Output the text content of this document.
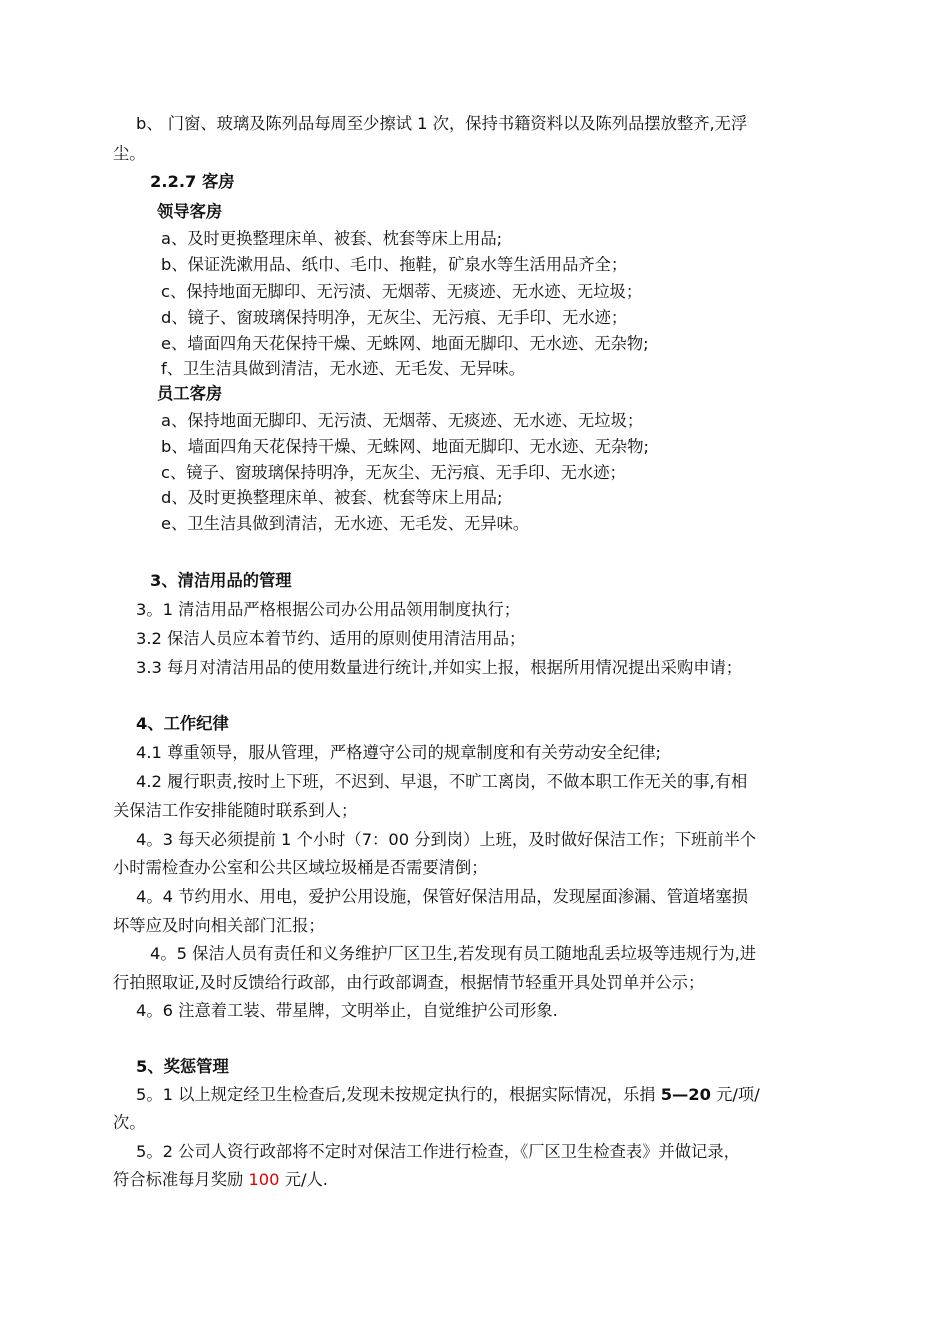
b、 门窗、玻璃及陈列品每周至少擦试 1 次，保持书籍资料以及陈列品摆放整齐,无浮
尘。
2.2.7 客房
领导客房
a、及时更换整理床单、被套、枕套等床上用品;
b、保证洗漱用品、纸巾、毛巾、拖鞋，矿泉水等生活用品齐全；
c、保持地面无脚印、无污渍、无烟蒂、无痰迹、无水迹、无垃圾；
d、镜子、窗玻璃保持明净，无灰尘、无污痕、无手印、无水迹；
e、墙面四角天花保持干燥、无蛛网、地面无脚印、无水迹、无杂物;
f、卫生洁具做到清洁，无水迹、无毛发、无异味。
员工客房
a、保持地面无脚印、无污渍、无烟蒂、无痰迹、无水迹、无垃圾；
b、墙面四角天花保持干燥、无蛛网、地面无脚印、无水迹、无杂物;
c、镜子、窗玻璃保持明净，无灰尘、无污痕、无手印、无水迹；
d、及时更换整理床单、被套、枕套等床上用品;
e、卫生洁具做到清洁，无水迹、无毛发、无异味。
3、清洁用品的管理
3。1 清洁用品严格根据公司办公用品领用制度执行；
3.2 保洁人员应本着节约、适用的原则使用清洁用品；
3.3 每月对清洁用品的使用数量进行统计,并如实上报，根据所用情况提出采购申请；
4、工作纪律
4.1 尊重领导，服从管理，严格遵守公司的规章制度和有关劳动安全纪律;
4.2 履行职责,按时上下班，不迟到、早退，不旷工离岗，不做本职工作无关的事,有相
关保洁工作安排能随时联系到人；
4。3 每天必须提前 1 个小时（7：00 分到岗）上班，及时做好保洁工作；下班前半个
小时需检查办公室和公共区域垃圾桶是否需要清倒；
4。4 节约用水、用电，爱护公用设施，保管好保洁用品，发现屋面渗漏、管道堵塞损
坏等应及时向相关部门汇报；
4。5 保洁人员有责任和义务维护厂区卫生,若发现有员工随地乱丢垃圾等违规行为,进
行拍照取证,及时反馈给行政部，由行政部调查，根据情节轻重开具处罚单并公示；
4。6 注意着工装、带星牌，文明举止，自觉维护公司形象.
5、奖惩管理
5。1 以上规定经卫生检查后,发现未按规定执行的，根据实际情况，乐捐 5—20 元/项/
次。
5。2 公司人资行政部将不定时对保洁工作进行检查，《厂区卫生检查表》并做记录，
符合标准每月奖励 100 元/人.
